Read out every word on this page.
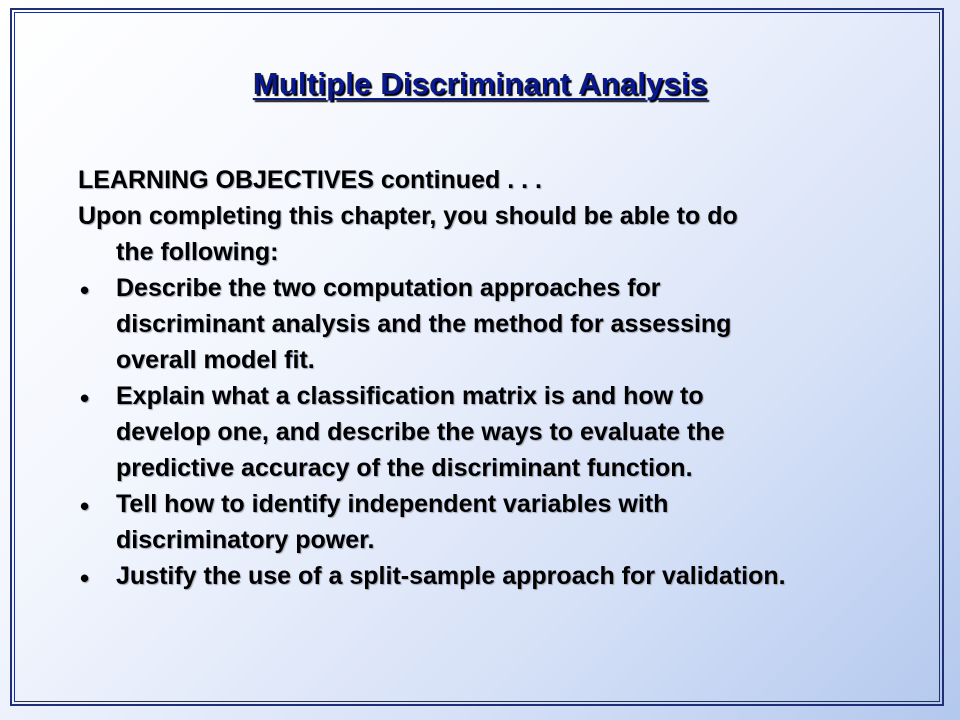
Multiple Discriminant Analysis

LEARNING OBJECTIVES continued . . .

Upon completing this chapter, you should be able to do

the following:

• Describe the two computation approaches for

discriminant analysis and the method for assessing

overall model fit.

• Explain what a classification matrix is and how to

develop one, and describe the ways to evaluate the

predictive accuracy of the discriminant function.

• Tell how to identify independent variables with

discriminatory power.

• Justify the use of a split-sample approach for validation.
